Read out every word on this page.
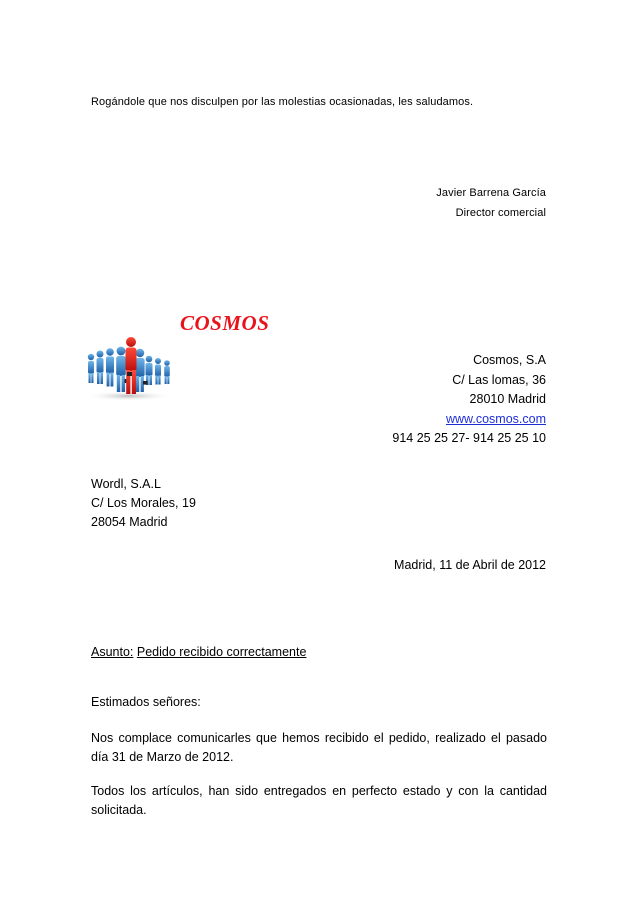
Rogándole que nos disculpen por las molestias ocasionadas, les saludamos.
Javier Barrena García
Director comercial
COSMOS
Cosmos, S.A
C/ Las lomas, 36
28010 Madrid
www.cosmos.com
914 25 25 27- 914 25 25 10
Wordl, S.A.L
C/ Los Morales, 19
28054 Madrid
Madrid, 11 de Abril de 2012
Asunto: Pedido recibido correctamente
Estimados señores:
Nos complace comunicarles que hemos recibido el pedido, realizado el pasado día 31 de Marzo de 2012.
Todos los artículos, han sido entregados en perfecto estado y con la cantidad solicitada.
